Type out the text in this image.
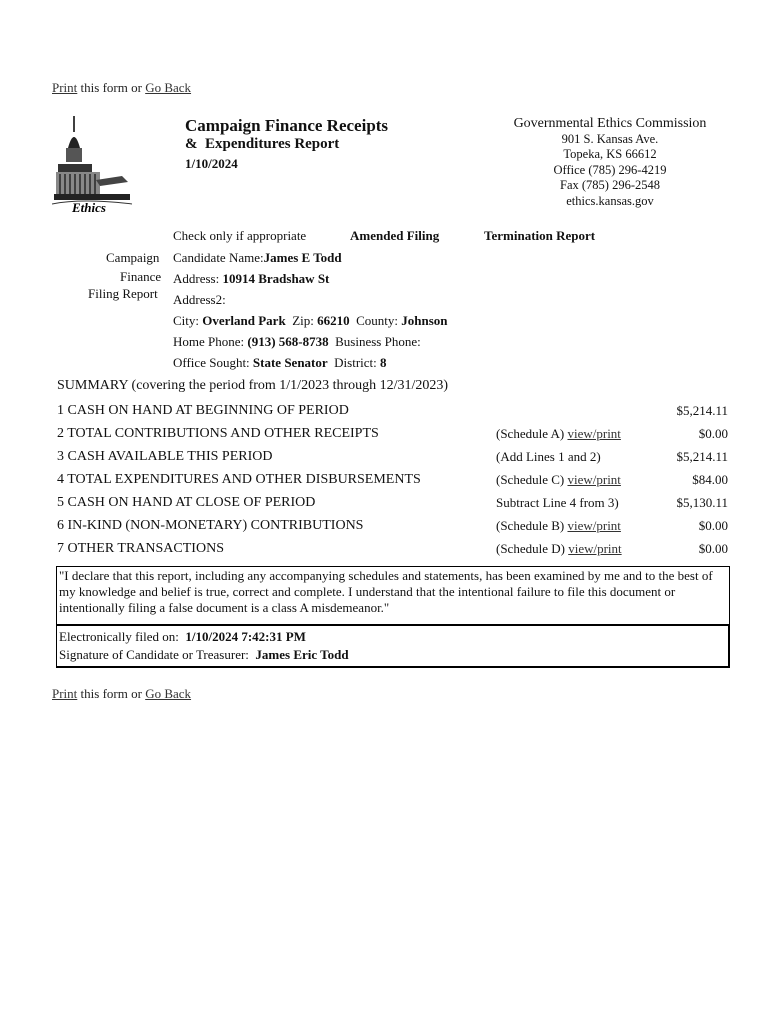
Print this form or Go Back
Ethics
Campaign Finance Receipts
&  Expenditures Report
1/10/2024
Governmental Ethics Commission
901 S. Kansas Ave.
Topeka, KS 66612
Office (785) 296-4219
Fax (785) 296-2548
ethics.kansas.gov
Check only if appropriate	Amended Filing	Termination Report
Campaign
Finance
Filing Report
Candidate Name:James E Todd
Address: 10914 Bradshaw St
Address2:
City: Overland Park  Zip: 66210  County: Johnson
Home Phone: (913) 568-8738  Business Phone:
Office Sought: State Senator  District: 8
SUMMARY (covering the period from 1/1/2023 through 12/31/2023)
1 CASH ON HAND AT BEGINNING OF PERIOD	$5,214.11
2 TOTAL CONTRIBUTIONS AND OTHER RECEIPTS	(Schedule A) view/print	$0.00
3 CASH AVAILABLE THIS PERIOD	(Add Lines 1 and 2)	$5,214.11
4 TOTAL EXPENDITURES AND OTHER DISBURSEMENTS	(Schedule C) view/print	$84.00
5 CASH ON HAND AT CLOSE OF PERIOD	Subtract Line 4 from 3)	$5,130.11
6 IN-KIND (NON-MONETARY) CONTRIBUTIONS	(Schedule B) view/print	$0.00
7 OTHER TRANSACTIONS	(Schedule D) view/print	$0.00
"I declare that this report, including any accompanying schedules and statements, has been examined by me and to the best of my knowledge and belief is true, correct and complete. I understand that the intentional failure to file this document or intentionally filing a false document is a class A misdemeanor."
Electronically filed on:  1/10/2024 7:42:31 PM
Signature of Candidate or Treasurer:  James Eric Todd
Print this form or Go Back
